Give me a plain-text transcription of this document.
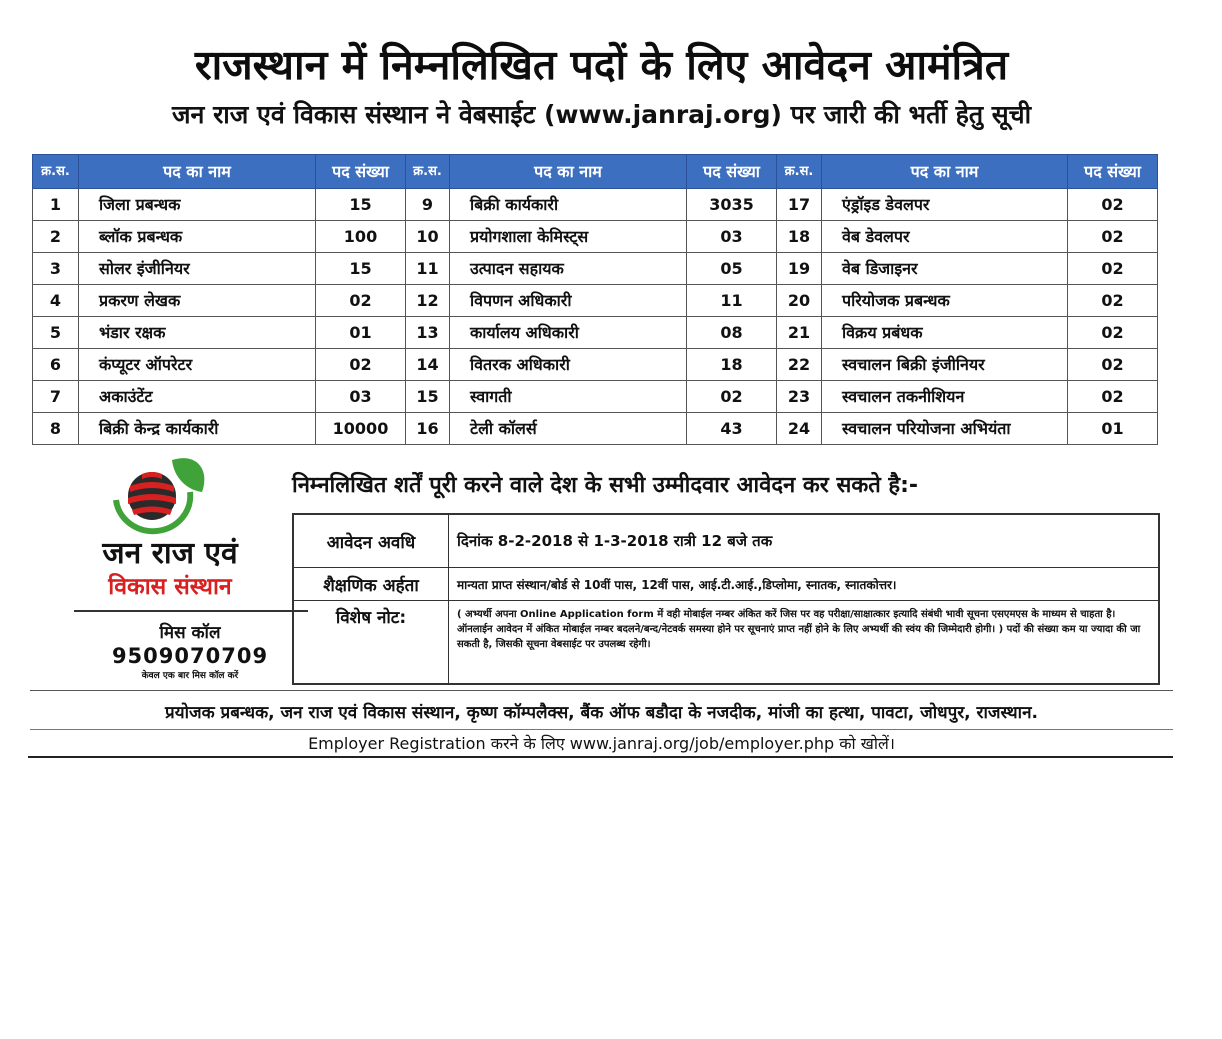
राजस्थान में निम्नलिखित पदों के लिए आवेदन आमंत्रित
जन राज एवं विकास संस्थान ने वेबसाईट (www.janraj.org) पर जारी की भर्ती हेतु सूची
क्र.स.	पद का नाम	पद संख्या	क्र.स.	पद का नाम	पद संख्या	क्र.स.	पद का नाम	पद संख्या
1	जिला प्रबन्धक	15	9	बिक्री कार्यकारी	3035	17	एंड्रॉइड डेवलपर	02
2	ब्लॉक प्रबन्धक	100	10	प्रयोगशाला केमिस्ट्स	03	18	वेब डेवलपर	02
3	सोलर इंजीनियर	15	11	उत्पादन सहायक	05	19	वेब डिजाइनर	02
4	प्रकरण लेखक	02	12	विपणन अधिकारी	11	20	परियोजक प्रबन्धक	02
5	भंडार रक्षक	01	13	कार्यालय अधिकारी	08	21	विक्रय प्रबंधक	02
6	कंप्यूटर ऑपरेटर	02	14	वितरक अधिकारी	18	22	स्वचालन बिक्री इंजीनियर	02
7	अकाउंटेंट	03	15	स्वागती	02	23	स्वचालन तकनीशियन	02
8	बिक्री केन्द्र कार्यकारी	10000	16	टेली कॉलर्स	43	24	स्वचालन परियोजना अभियंता	01
जन राज एवं
विकास संस्थान
मिस कॉल
9509070709
केवल एक बार मिस कॉल करें
निम्नलिखित शर्तें पूरी करने वाले देश के सभी उम्मीदवार आवेदन कर सकते है:-
आवेदन अवधि	दिनांक 8-2-2018 से 1-3-2018 रात्री 12 बजे तक
शैक्षणिक अर्हता	मान्यता प्राप्त संस्थान/बोर्ड से 10वीं पास, 12वीं पास, आई.टी.आई.,डिप्लोमा, स्नातक, स्नातकोत्तर।
विशेष नोट:	( अभ्यर्थी अपना Online Application form में वही मोबाईल नम्बर अंकित करें जिस पर वह परीक्षा/साक्षात्कार इत्यादि संबंधी भावी सूचना एसएमएस के माध्यम से चाहता है। ऑनलाईन आवेदन में अंकित मोबाईल नम्बर बदलने/बन्द/नेटवर्क समस्या होने पर सूचनाएं प्राप्त नहीं होने के लिए अभ्यर्थी की स्वंय की जिम्मेदारी होगी। ) पदों की संख्या कम या ज्यादा की जा सकती है, जिसकी सूचना वेबसाईट पर उपलब्ध रहेगी।
प्रयोजक प्रबन्धक, जन राज एवं विकास संस्थान, कृष्ण कॉम्पलैक्स, बैंक ऑफ बडौदा के नजदीक, मांजी का हत्था, पावटा, जोधपुर, राजस्थान.
Employer Registration करने के लिए www.janraj.org/job/employer.php को खोलें।
